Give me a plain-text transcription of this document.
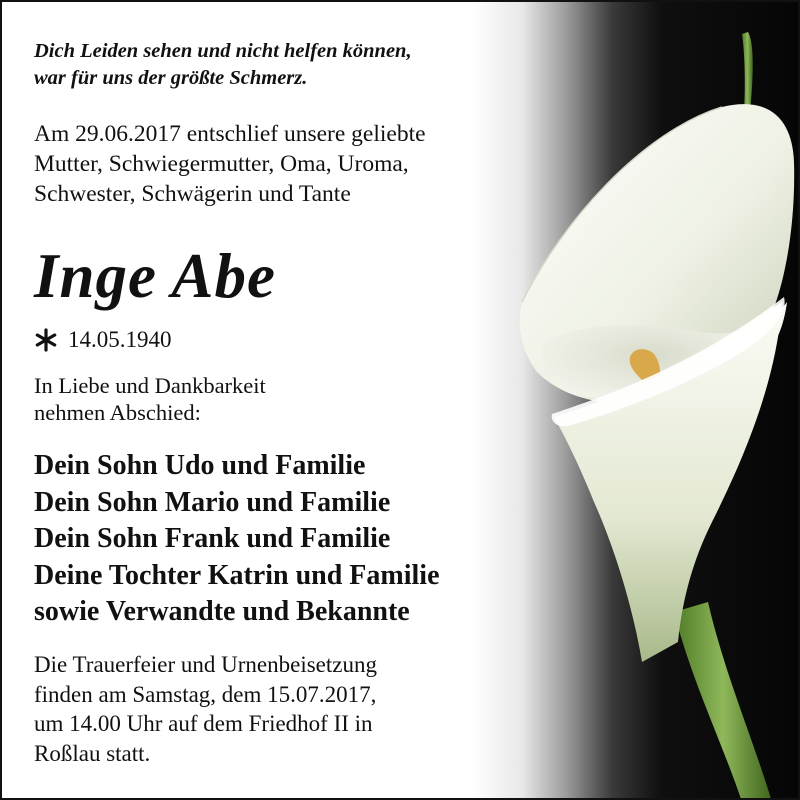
Dich Leiden sehen und nicht helfen können,
war für uns der größte Schmerz.

Am 29.06.2017 entschlief unsere geliebte
Mutter, Schwiegermutter, Oma, Uroma,
Schwester, Schwägerin und Tante

Inge Abe

14.05.1940

In Liebe und Dankbarkeit
nehmen Abschied:

Dein Sohn Udo und Familie
Dein Sohn Mario und Familie
Dein Sohn Frank und Familie
Deine Tochter Katrin und Familie
sowie Verwandte und Bekannte

Die Trauerfeier und Urnenbeisetzung
finden am Samstag, dem 15.07.2017,
um 14.00 Uhr auf dem Friedhof II in
Roßlau statt.
